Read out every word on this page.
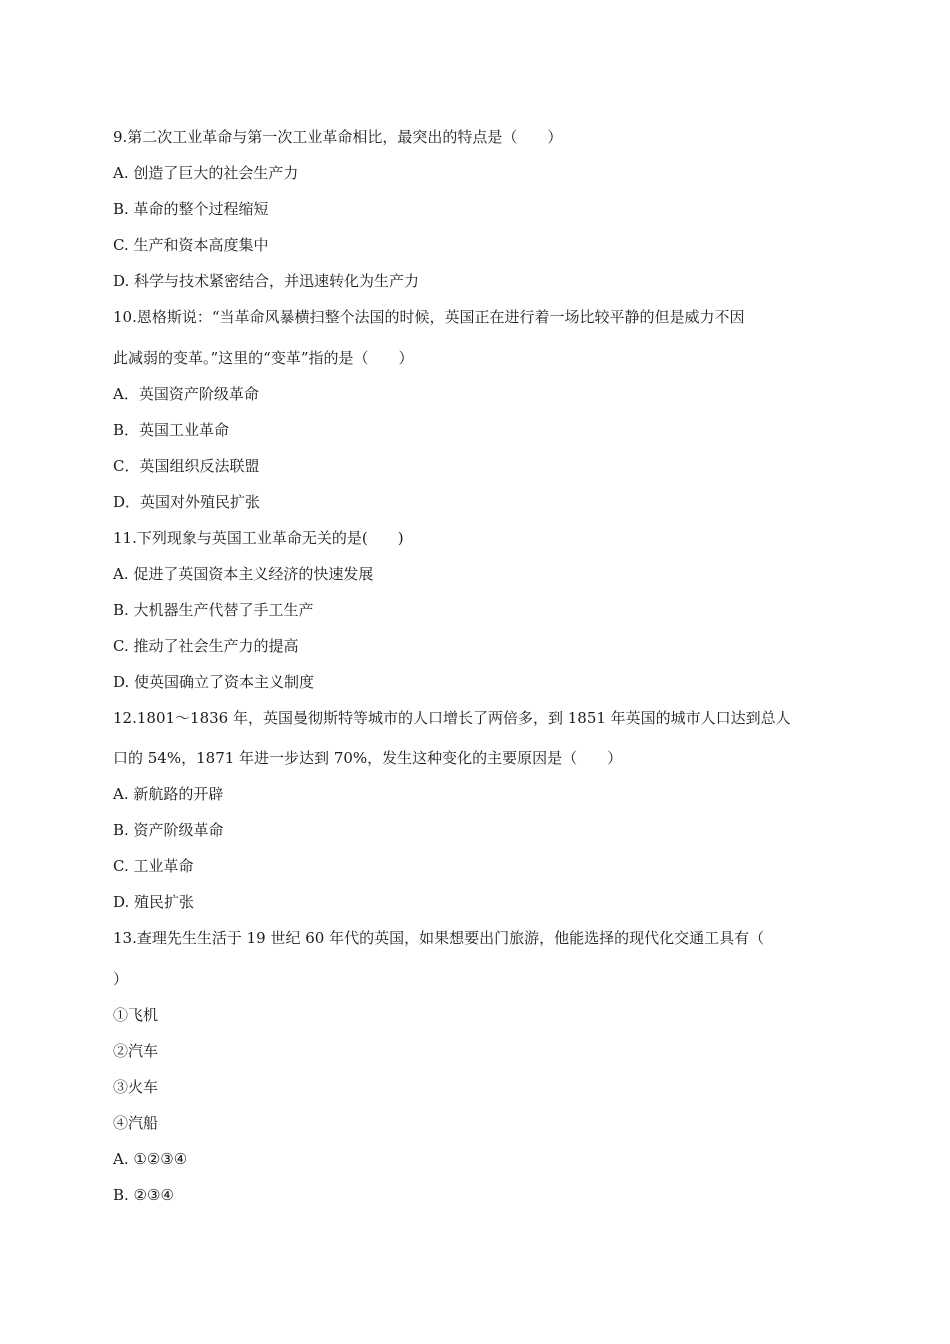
9.第二次工业革命与第一次工业革命相比，最突出的特点是（　　）
A. 创造了巨大的社会生产力
B. 革命的整个过程缩短
C. 生产和资本高度集中
D. 科学与技术紧密结合，并迅速转化为生产力
10.恩格斯说：“当革命风暴横扫整个法国的时候，英国正在进行着一场比较平静的但是威力不因
此减弱的变革。”这里的“变革”指的是（　　）
A．英国资产阶级革命
B．英国工业革命
C．英国组织反法联盟
D．英国对外殖民扩张
11.下列现象与英国工业革命无关的是(　　)
A. 促进了英国资本主义经济的快速发展
B. 大机器生产代替了手工生产
C. 推动了社会生产力的提高
D. 使英国确立了资本主义制度
12.1801～1836 年，英国曼彻斯特等城市的人口增长了两倍多，到 1851 年英国的城市人口达到总人
口的 54%，1871 年进一步达到 70%，发生这种变化的主要原因是（　　）
A. 新航路的开辟
B. 资产阶级革命
C. 工业革命
D. 殖民扩张
13.查理先生生活于 19 世纪 60 年代的英国，如果想要出门旅游，他能选择的现代化交通工具有（
）
①飞机
②汽车
③火车
④汽船
A. ①②③④
B. ②③④
